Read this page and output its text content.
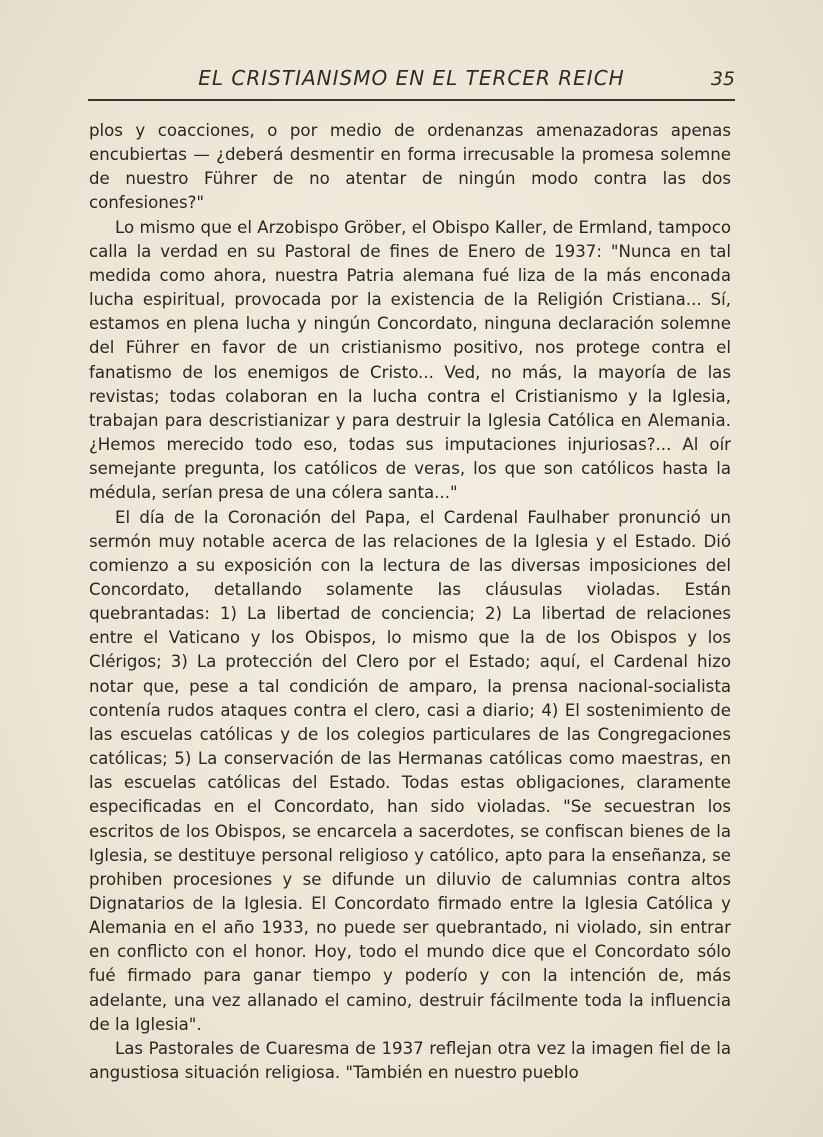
EL CRISTIANISMO EN EL TERCER REICH	35

plos y coacciones, o por medio de ordenanzas amenazadoras apenas encubiertas — ¿deberá desmentir en forma irrecusable la promesa solemne de nuestro Führer de no atentar de ningún modo contra las dos confesiones?"

Lo mismo que el Arzobispo Gröber, el Obispo Kaller, de Ermland, tampoco calla la verdad en su Pastoral de fines de Enero de 1937: "Nunca en tal medida como ahora, nuestra Patria alemana fué liza de la más enconada lucha espiritual, provocada por la existencia de la Religión Cristiana... Sí, estamos en plena lucha y ningún Concordato, ninguna declaración solemne del Führer en favor de un cristianismo positivo, nos protege contra el fanatismo de los enemigos de Cristo... Ved, no más, la mayoría de las revistas; todas colaboran en la lucha contra el Cristianismo y la Iglesia, trabajan para descristianizar y para destruir la Iglesia Católica en Alemania. ¿Hemos merecido todo eso, todas sus imputaciones injuriosas?... Al oír semejante pregunta, los católicos de veras, los que son católicos hasta la médula, serían presa de una cólera santa..."

El día de la Coronación del Papa, el Cardenal Faulhaber pronunció un sermón muy notable acerca de las relaciones de la Iglesia y el Estado. Dió comienzo a su exposición con la lectura de las diversas imposiciones del Concordato, detallando solamente las cláusulas violadas. Están quebrantadas: 1) La libertad de conciencia; 2) La libertad de relaciones entre el Vaticano y los Obispos, lo mismo que la de los Obispos y los Clérigos; 3) La protección del Clero por el Estado; aquí, el Cardenal hizo notar que, pese a tal condición de amparo, la prensa nacional-socialista contenía rudos ataques contra el clero, casi a diario; 4) El sostenimiento de las escuelas católicas y de los colegios particulares de las Congregaciones católicas; 5) La conservación de las Hermanas católicas como maestras, en las escuelas católicas del Estado. Todas estas obligaciones, claramente especificadas en el Concordato, han sido violadas. "Se secuestran los escritos de los Obispos, se encarcela a sacerdotes, se confiscan bienes de la Iglesia, se destituye personal religioso y católico, apto para la enseñanza, se prohiben procesiones y se difunde un diluvio de calumnias contra altos Dignatarios de la Iglesia. El Concordato firmado entre la Iglesia Católica y Alemania en el año 1933, no puede ser quebrantado, ni violado, sin entrar en conflicto con el honor. Hoy, todo el mundo dice que el Concordato sólo fué firmado para ganar tiempo y poderío y con la intención de, más adelante, una vez allanado el camino, destruir fácilmente toda la influencia de la Iglesia".

Las Pastorales de Cuaresma de 1937 reflejan otra vez la imagen fiel de la angustiosa situación religiosa. "También en nuestro pueblo
